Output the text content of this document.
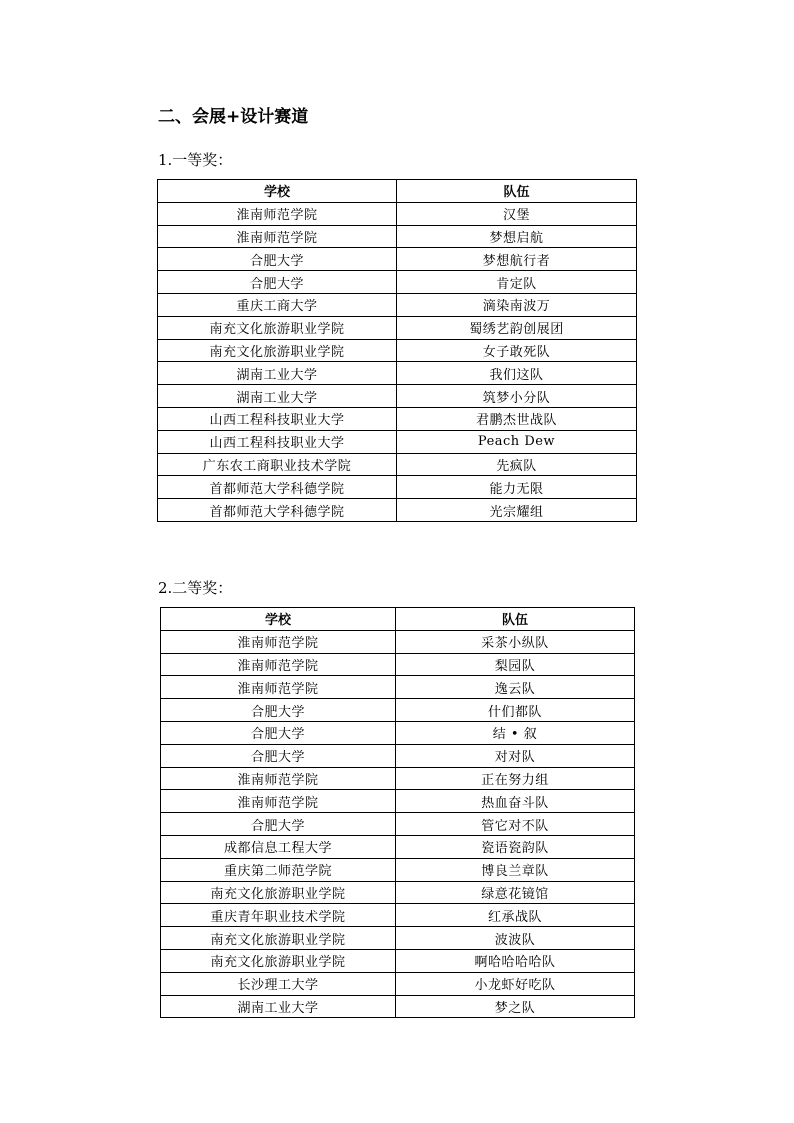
二、会展+设计赛道

1.一等奖：

学校	队伍
淮南师范学院	汉堡
淮南师范学院	梦想启航
合肥大学	梦想航行者
合肥大学	肯定队
重庆工商大学	滴染南波万
南充文化旅游职业学院	蜀绣艺韵创展团
南充文化旅游职业学院	女子敢死队
湖南工业大学	我们这队
湖南工业大学	筑梦小分队
山西工程科技职业大学	君鹏杰世战队
山西工程科技职业大学	Peach Dew
广东农工商职业技术学院	先疯队
首都师范大学科德学院	能力无限
首都师范大学科德学院	光宗耀组

2.二等奖：

学校	队伍
淮南师范学院	采茶小纵队
淮南师范学院	梨园队
淮南师范学院	逸云队
合肥大学	什们都队
合肥大学	结 • 叙
合肥大学	对对队
淮南师范学院	正在努力组
淮南师范学院	热血奋斗队
合肥大学	管它对不队
成都信息工程大学	瓷语瓷韵队
重庆第二师范学院	博良兰章队
南充文化旅游职业学院	绿意花镜馆
重庆青年职业技术学院	红承战队
南充文化旅游职业学院	波波队
南充文化旅游职业学院	啊哈哈哈哈队
长沙理工大学	小龙虾好吃队
湖南工业大学	梦之队
